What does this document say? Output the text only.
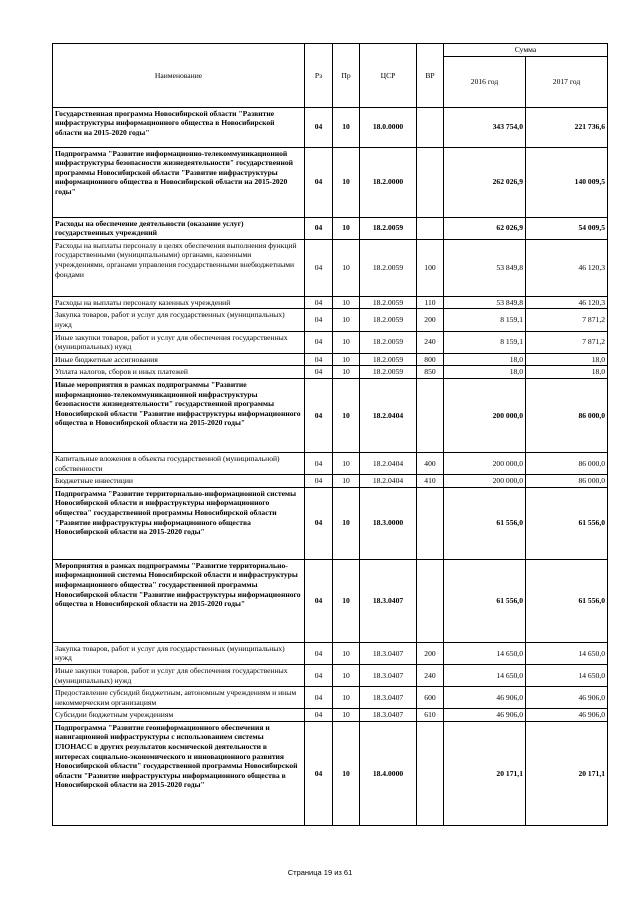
Наименование	Рз	Пр	ЦСР	ВР	Сумма	
					2016 год	2017 год
Государственная программа Новосибирской области "Развитие инфраструктуры информационного общества в Новосибирской области на 2015-2020 годы"	04	10	18.0.0000		343 754,0	221 736,6
Подпрограмма "Развитие информационно-телекоммуникационной инфраструктуры безопасности жизнедеятельности" государственной программы Новосибирской области "Развитие инфраструктуры информационного общества в Новосибирской области на 2015-2020 годы"	04	10	18.2.0000		262 026,9	140 009,5
Расходы на обеспечение деятельности (оказание услуг) государственных учреждений	04	10	18.2.0059		62 026,9	54 009,5
Расходы на выплаты персоналу в целях обеспечения выполнения функций государственными (муниципальными) органами, казенными учреждениями, органами управления государственными внебюджетными фондами	04	10	18.2.0059	100	53 849,8	46 120,3
Расходы на выплаты персоналу казенных учреждений	04	10	18.2.0059	110	53 849,8	46 120,3
Закупка товаров, работ и услуг для государственных (муниципальных) нужд	04	10	18.2.0059	200	8 159,1	7 871,2
Иные закупки товаров, работ и услуг для обеспечения государственных (муниципальных) нужд	04	10	18.2.0059	240	8 159,1	7 871,2
Иные бюджетные ассигнования	04	10	18.2.0059	800	18,0	18,0
Уплата налогов, сборов и иных платежей	04	10	18.2.0059	850	18,0	18,0
Иные мероприятия в рамках подпрограммы "Развитие информационно-телекоммуникационной инфраструктуры безопасности жизнедеятельности" государственной программы Новосибирской области "Развитие инфраструктуры информационного общества в Новосибирской области на 2015-2020 годы"	04	10	18.2.0404		200 000,0	86 000,0
Капитальные вложения в объекты государственной (муниципальной) собственности	04	10	18.2.0404	400	200 000,0	86 000,0
Бюджетные инвестиции	04	10	18.2.0404	410	200 000,0	86 000,0
Подпрограмма "Развитие территориально-информационной системы Новосибирской области и инфраструктуры информационного общества" государственной программы Новосибирской области "Развитие инфраструктуры информационного общества Новосибирской области на 2015-2020 годы"	04	10	18.3.0000		61 556,0	61 556,0
Мероприятия в рамках подпрограммы "Развитие территориально-информационной системы Новосибирской области и инфраструктуры информационного общества" государственной программы Новосибирской области "Развитие инфраструктуры информационного общества в Новосибирской области на 2015-2020 годы"	04	10	18.3.0407		61 556,0	61 556,0
Закупка товаров, работ и услуг для государственных (муниципальных) нужд	04	10	18.3.0407	200	14 650,0	14 650,0
Иные закупки товаров, работ и услуг для обеспечения государственных (муниципальных) нужд	04	10	18.3.0407	240	14 650,0	14 650,0
Предоставление субсидий бюджетным, автономным учреждениям и иным некоммерческим организациям	04	10	18.3.0407	600	46 906,0	46 906,0
Субсидии бюджетным учреждениям	04	10	18.3.0407	610	46 906,0	46 906,0
Подпрограмма "Развитие геоинформационного обеспечения и навигационной инфраструктуры с использованием системы ГЛОНАСС в других результатов космической деятельности в интересах социально-экономического и инновационного развития Новосибирской области" государственной программы Новосибирской области "Развитие инфраструктуры информационного общества в Новосибирской области на 2015-2020 годы"	04	10	18.4.0000		20 171,1	20 171,1
Страница 19 из 61
